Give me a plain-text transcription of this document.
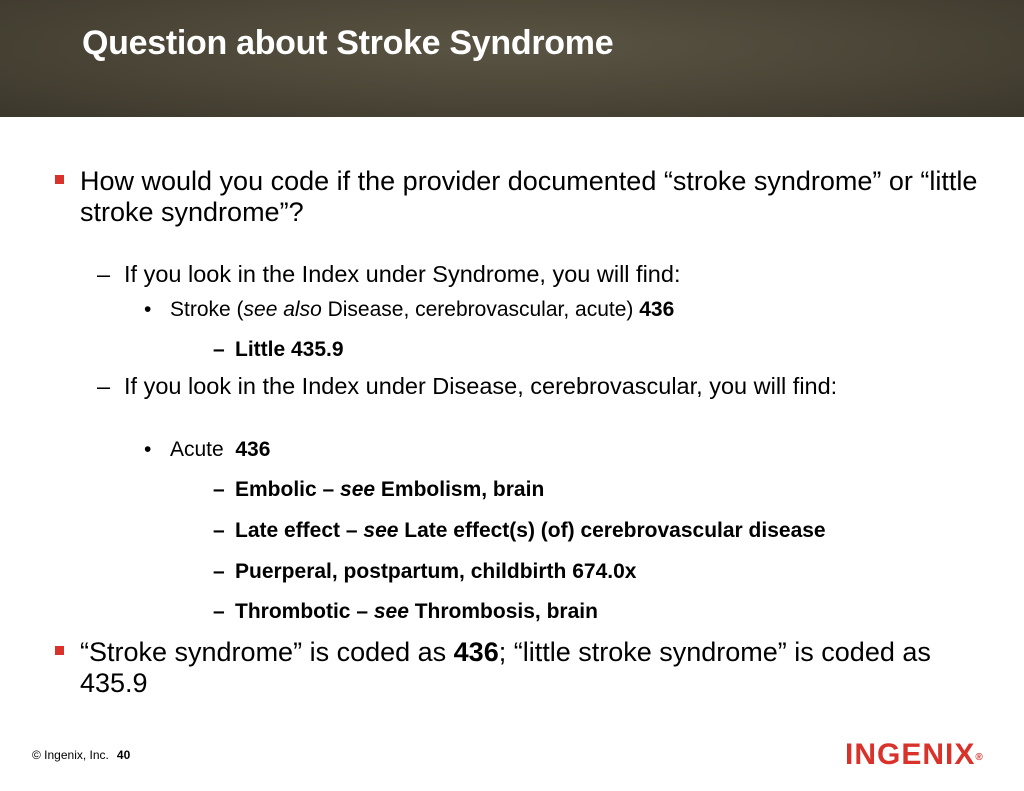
Question about Stroke Syndrome
How would you code if the provider documented “stroke syndrome” or “little stroke syndrome”?
– If you look in the Index under Syndrome, you will find:
• Stroke (see also Disease, cerebrovascular, acute) 436
– Little 435.9
– If you look in the Index under Disease, cerebrovascular, you will find:
• Acute  436
– Embolic – see Embolism, brain
– Late effect – see Late effect(s) (of) cerebrovascular disease
– Puerperal, postpartum, childbirth 674.0x
– Thrombotic – see Thrombosis, brain
“Stroke syndrome” is coded as 436; “little stroke syndrome” is coded as  435.9
© Ingenix, Inc. 40	INGENIX®
